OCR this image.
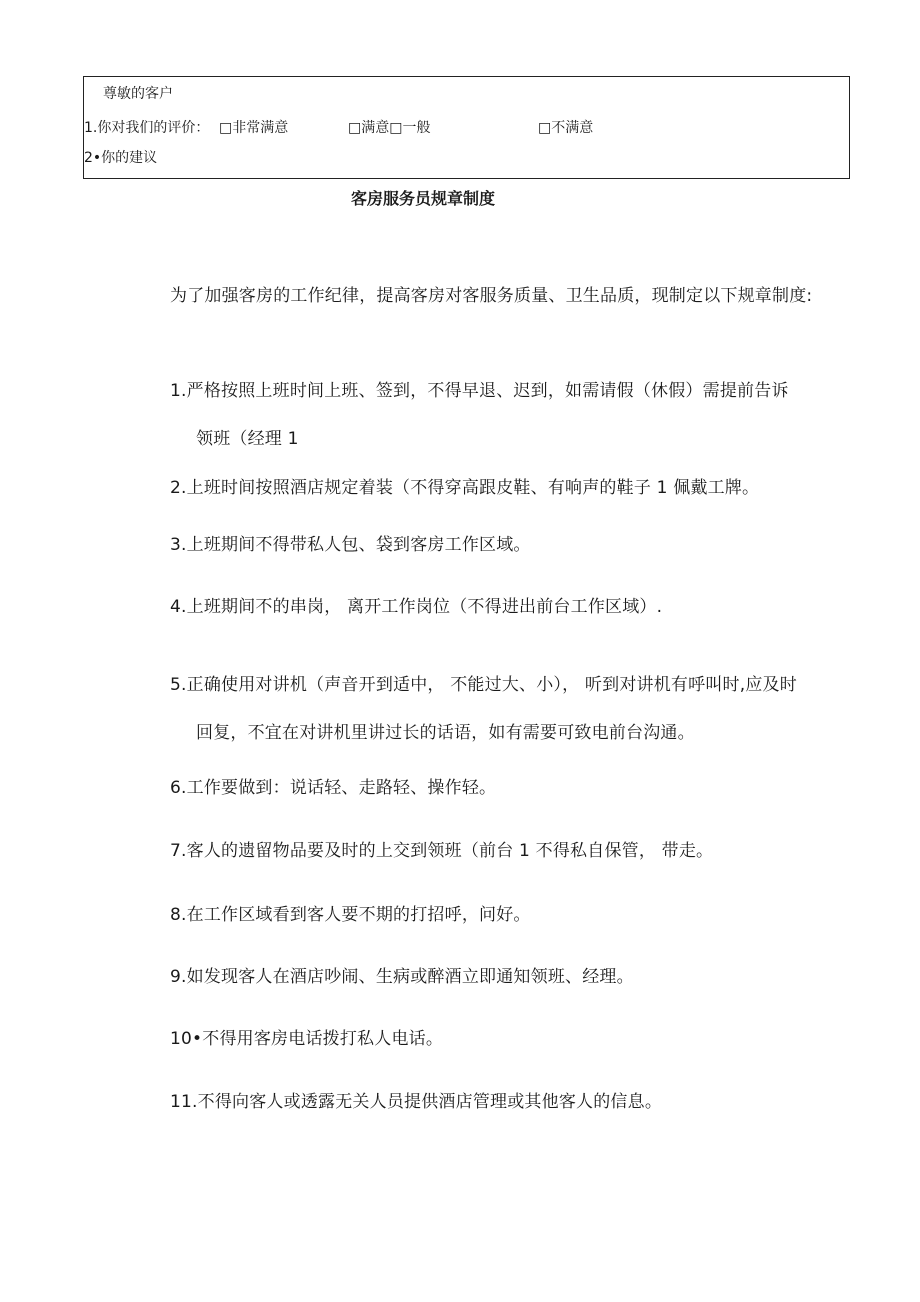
尊敏的客户
1.你对我们的评价： □非常满意	□满意□一般	□不满意
2•你的建议
客房服务员规章制度
为了加强客房的工作纪律，提高客房对客服务质量、卫生品质，现制定以下规章制度:
1.严格按照上班时间上班、签到，不得早退、迟到，如需请假（休假）需提前告诉
领班（经理 1
2.上班时间按照酒店规定着装（不得穿高跟皮鞋、有响声的鞋子 1 佩戴工牌。
3.上班期间不得带私人包、袋到客房工作区域。
4.上班期间不的串岗， 离开工作岗位（不得进出前台工作区域）.
5.正确使用对讲机（声音开到适中， 不能过大、小）， 听到对讲机有呼叫时,应及时
回复，不宜在对讲机里讲过长的话语，如有需要可致电前台沟通。
6.工作要做到：说话轻、走路轻、操作轻。
7.客人的遗留物品要及时的上交到领班（前台 1 不得私自保管， 带走。
8.在工作区域看到客人要不期的打招呼，问好。
9.如发现客人在酒店吵闹、生病或醉酒立即通知领班、经理。
10•不得用客房电话拨打私人电话。
11.不得向客人或透露无关人员提供酒店管理或其他客人的信息。
